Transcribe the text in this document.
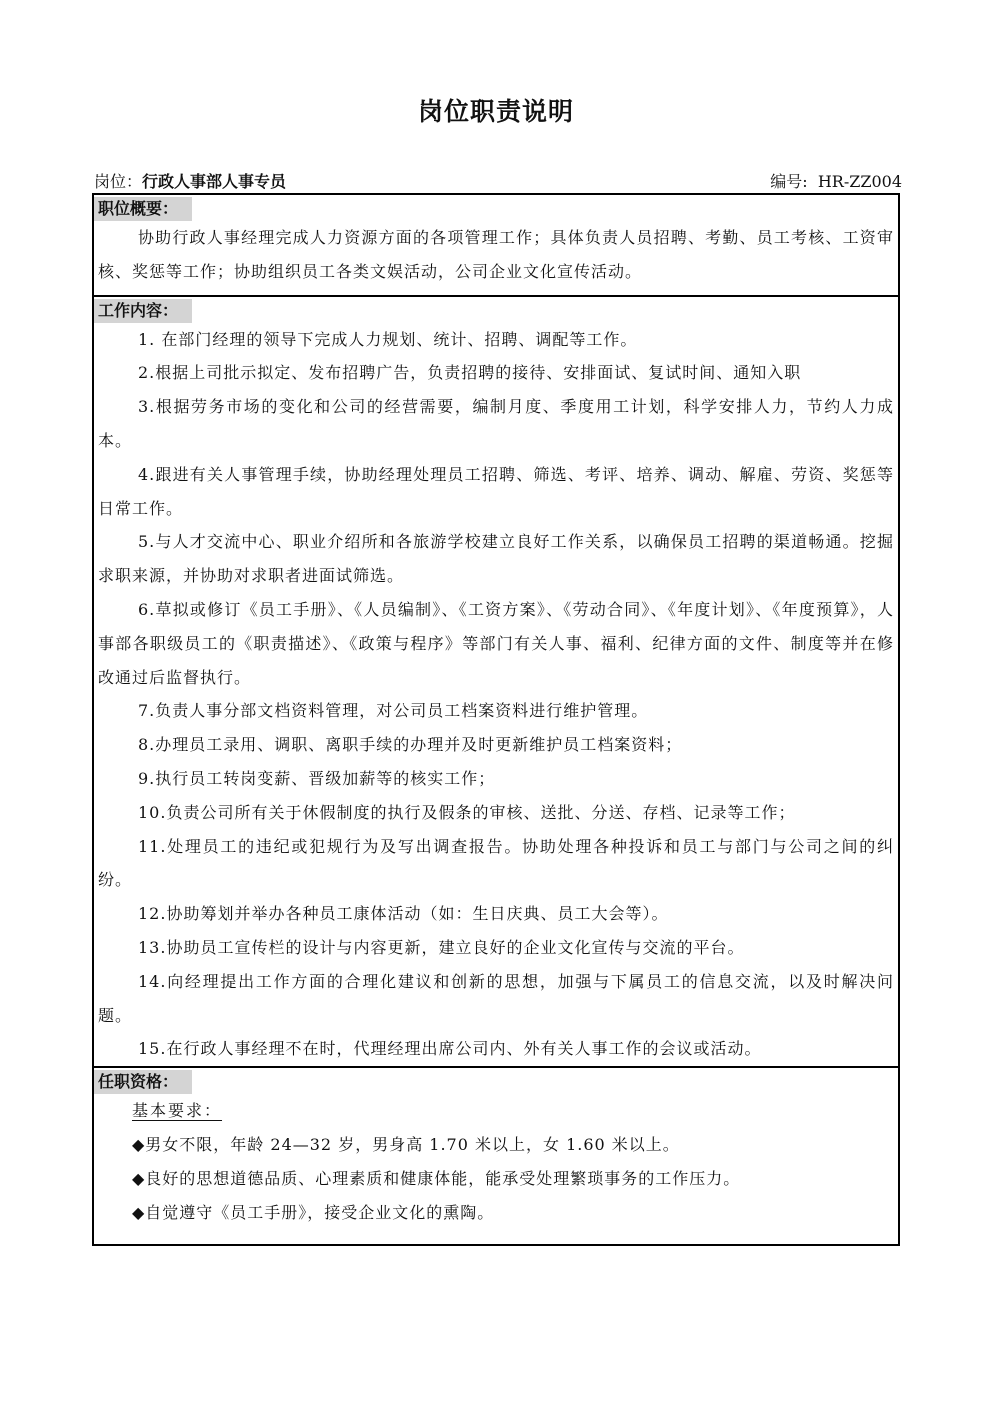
岗位职责说明
岗位：行政人事部人事专员	编号: HR-ZZ004
职位概要：
协助行政人事经理完成人力资源方面的各项管理工作；具体负责人员招聘、考勤、员工考核、工资审核、奖惩等工作；协助组织员工各类文娱活动，公司企业文化宣传活动。
工作内容：
1. 在部门经理的领导下完成人力规划、统计、招聘、调配等工作。
2.根据上司批示拟定、发布招聘广告，负责招聘的接待、安排面试、复试时间、通知入职
3.根据劳务市场的变化和公司的经营需要，编制月度、季度用工计划，科学安排人力，节约人力成本。
4.跟进有关人事管理手续，协助经理处理员工招聘、筛选、考评、培养、调动、解雇、劳资、奖惩等日常工作。
5.与人才交流中心、职业介绍所和各旅游学校建立良好工作关系，以确保员工招聘的渠道畅通。挖掘求职来源，并协助对求职者进面试筛选。
6.草拟或修订《员工手册》、《人员编制》、《工资方案》、《劳动合同》、《年度计划》、《年度预算》，人事部各职级员工的《职责描述》、《政策与程序》等部门有关人事、福利、纪律方面的文件、制度等并在修改通过后监督执行。
7.负责人事分部文档资料管理，对公司员工档案资料进行维护管理。
8.办理员工录用、调职、离职手续的办理并及时更新维护员工档案资料；
9.执行员工转岗变薪、晋级加薪等的核实工作；
10.负责公司所有关于休假制度的执行及假条的审核、送批、分送、存档、记录等工作；
11.处理员工的违纪或犯规行为及写出调查报告。协助处理各种投诉和员工与部门与公司之间的纠纷。
12.协助筹划并举办各种员工康体活动（如：生日庆典、员工大会等）。
13.协助员工宣传栏的设计与内容更新，建立良好的企业文化宣传与交流的平台。
14.向经理提出工作方面的合理化建议和创新的思想，加强与下属员工的信息交流，以及时解决问题。
15.在行政人事经理不在时，代理经理出席公司内、外有关人事工作的会议或活动。
任职资格：
基本要求：
◆男女不限，年龄 24—32 岁，男身高 1.70 米以上，女 1.60 米以上。
◆良好的思想道德品质、心理素质和健康体能，能承受处理繁琐事务的工作压力。
◆自觉遵守《员工手册》，接受企业文化的熏陶。
